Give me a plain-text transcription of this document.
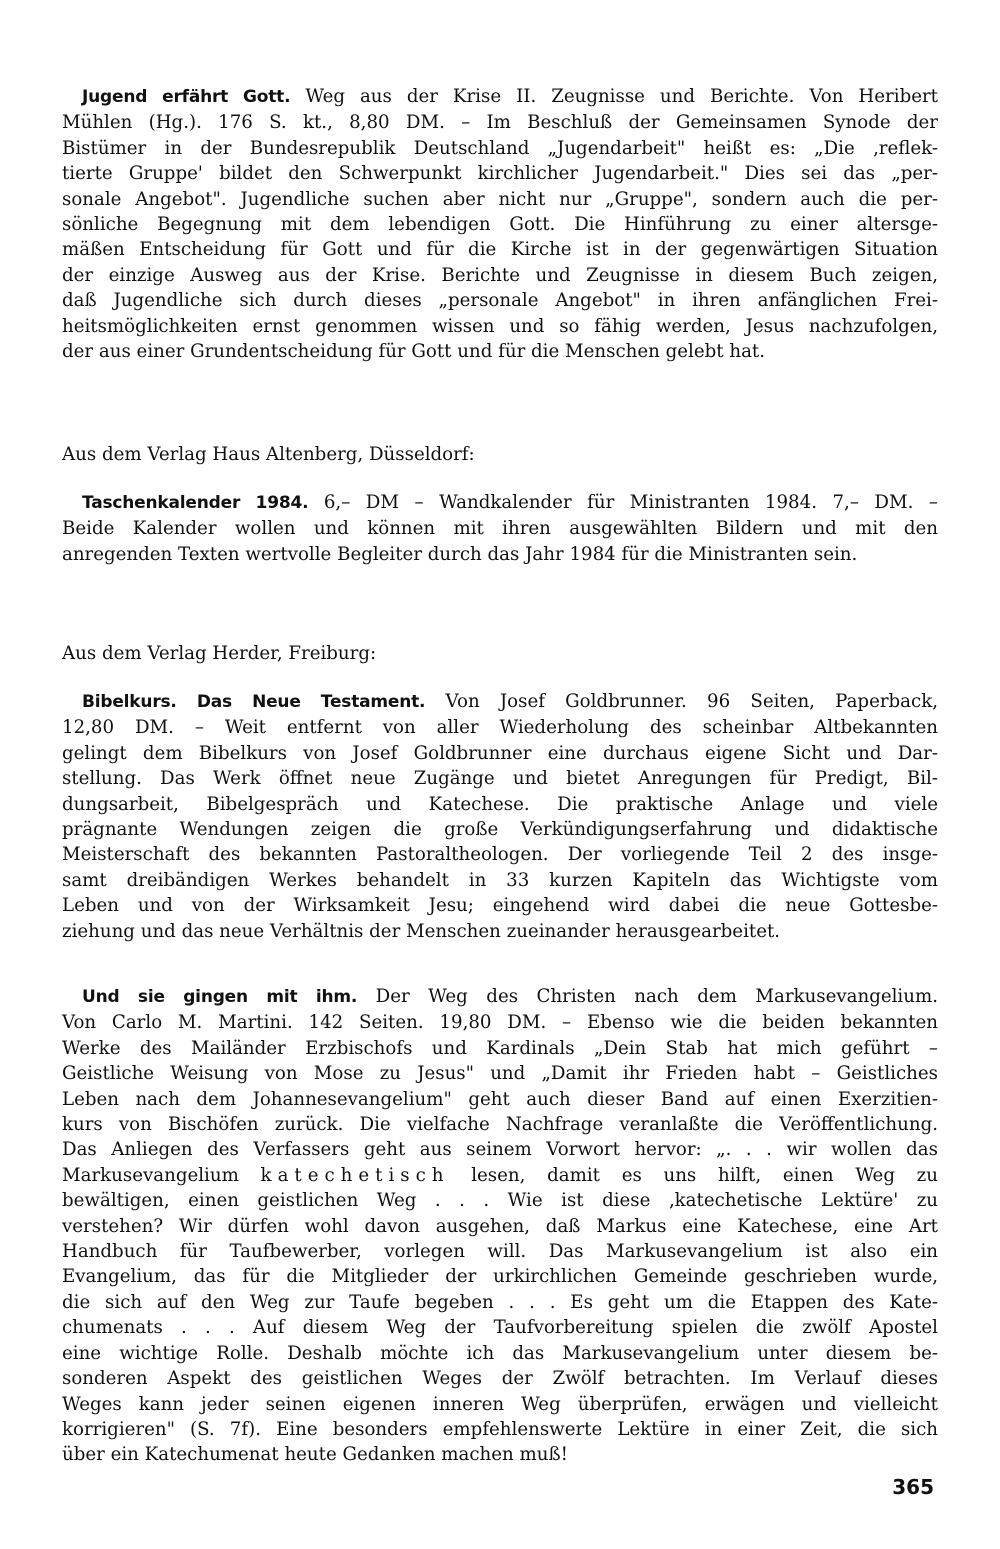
Jugend erfährt Gott. Weg aus der Krise II. Zeugnisse und Berichte. Von Heribert
Mühlen (Hg.). 176 S. kt., 8,80 DM. – Im Beschluß der Gemeinsamen Synode der
Bistümer in der Bundesrepublik Deutschland „Jugendarbeit" heißt es: „Die ‚reflek-
tierte Gruppe' bildet den Schwerpunkt kirchlicher Jugendarbeit." Dies sei das „per-
sonale Angebot". Jugendliche suchen aber nicht nur „Gruppe", sondern auch die per-
sönliche Begegnung mit dem lebendigen Gott. Die Hinführung zu einer altersge-
mäßen Entscheidung für Gott und für die Kirche ist in der gegenwärtigen Situation
der einzige Ausweg aus der Krise. Berichte und Zeugnisse in diesem Buch zeigen,
daß Jugendliche sich durch dieses „personale Angebot" in ihren anfänglichen Frei-
heitsmöglichkeiten ernst genommen wissen und so fähig werden, Jesus nachzufolgen,
der aus einer Grundentscheidung für Gott und für die Menschen gelebt hat.
Aus dem Verlag Haus Altenberg, Düsseldorf:
Taschenkalender 1984. 6,– DM – Wandkalender für Ministranten 1984. 7,– DM. –
Beide Kalender wollen und können mit ihren ausgewählten Bildern und mit den
anregenden Texten wertvolle Begleiter durch das Jahr 1984 für die Ministranten sein.
Aus dem Verlag Herder, Freiburg:
Bibelkurs. Das Neue Testament. Von Josef Goldbrunner. 96 Seiten, Paperback,
12,80 DM. – Weit entfernt von aller Wiederholung des scheinbar Altbekannten
gelingt dem Bibelkurs von Josef Goldbrunner eine durchaus eigene Sicht und Dar-
stellung. Das Werk öffnet neue Zugänge und bietet Anregungen für Predigt, Bil-
dungsarbeit, Bibelgespräch und Katechese. Die praktische Anlage und viele
prägnante Wendungen zeigen die große Verkündigungserfahrung und didaktische
Meisterschaft des bekannten Pastoraltheologen. Der vorliegende Teil 2 des insge-
samt dreibändigen Werkes behandelt in 33 kurzen Kapiteln das Wichtigste vom
Leben und von der Wirksamkeit Jesu; eingehend wird dabei die neue Gottesbe-
ziehung und das neue Verhältnis der Menschen zueinander herausgearbeitet.
Und sie gingen mit ihm. Der Weg des Christen nach dem Markusevangelium.
Von Carlo M. Martini. 142 Seiten. 19,80 DM. – Ebenso wie die beiden bekannten
Werke des Mailänder Erzbischofs und Kardinals „Dein Stab hat mich geführt –
Geistliche Weisung von Mose zu Jesus" und „Damit ihr Frieden habt – Geistliches
Leben nach dem Johannesevangelium" geht auch dieser Band auf einen Exerzitien-
kurs von Bischöfen zurück. Die vielfache Nachfrage veranlaßte die Veröffentlichung.
Das Anliegen des Verfassers geht aus seinem Vorwort hervor: „. . . wir wollen das
Markusevangelium katechetisch lesen, damit es uns hilft, einen Weg zu
bewältigen, einen geistlichen Weg . . . Wie ist diese ‚katechetische Lektüre' zu
verstehen? Wir dürfen wohl davon ausgehen, daß Markus eine Katechese, eine Art
Handbuch für Taufbewerber, vorlegen will. Das Markusevangelium ist also ein
Evangelium, das für die Mitglieder der urkirchlichen Gemeinde geschrieben wurde,
die sich auf den Weg zur Taufe begeben . . . Es geht um die Etappen des Kate-
chumenats . . . Auf diesem Weg der Taufvorbereitung spielen die zwölf Apostel
eine wichtige Rolle. Deshalb möchte ich das Markusevangelium unter diesem be-
sonderen Aspekt des geistlichen Weges der Zwölf betrachten. Im Verlauf dieses
Weges kann jeder seinen eigenen inneren Weg überprüfen, erwägen und vielleicht
korrigieren" (S. 7f). Eine besonders empfehlenswerte Lektüre in einer Zeit, die sich
über ein Katechumenat heute Gedanken machen muß!
365
